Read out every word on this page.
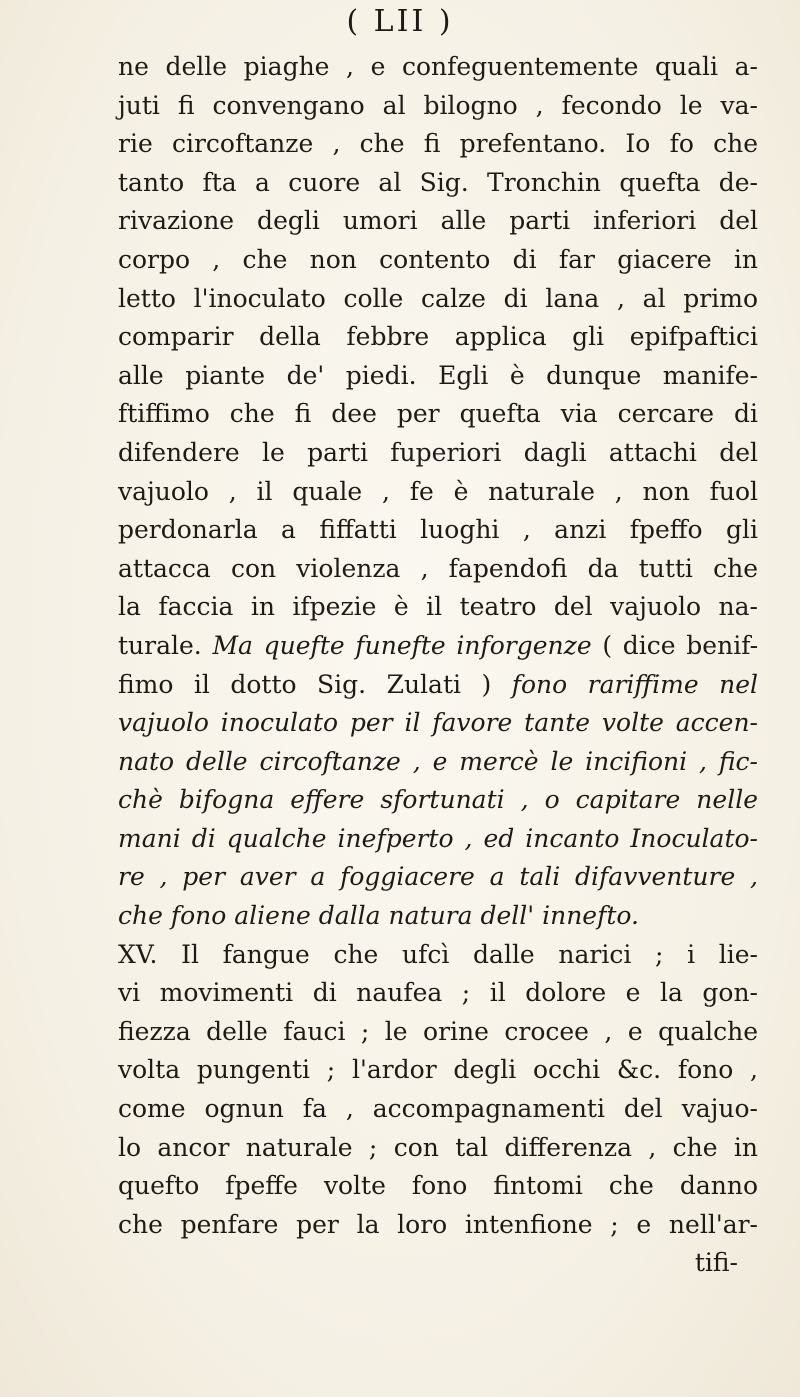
( LII )
ne delle piaghe , e confeguentemente quali a-
juti fi convengano al bilogno , fecondo le va-
rie circoftanze , che fi prefentano. Io fo che
tanto fta a cuore al Sig. Tronchin quefta de-
rivazione degli umori alle parti inferiori del
corpo , che non contento di far giacere in
letto l'inoculato colle calze di lana , al primo
comparir della febbre applica gli epifpaftici
alle piante de' piedi. Egli è dunque manife-
ftiffimo che fi dee per quefta via cercare di
difendere le parti fuperiori dagli attachi del
vajuolo , il quale , fe è naturale , non fuol
perdonarla a fiffatti luoghi , anzi fpeffo gli
attacca con violenza , fapendofi da tutti che
la faccia in ifpezie è il teatro del vajuolo na-
turale. Ma quefte funefte inforgenze ( dice benif-
fimo il dotto Sig. Zulati ) fono rariffime nel
vajuolo inoculato per il favore tante volte accen-
nato delle circoftanze , e mercè le incifioni , fic-
chè bifogna effere sfortunati , o capitare nelle
mani di qualche inefperto , ed incanto Inoculato-
re , per aver a foggiacere a tali difavventure ,
che fono aliene dalla natura dell' innefto.
XV. Il fangue che ufcì dalle narici ; i lie-
vi movimenti di naufea ; il dolore e la gon-
fiezza delle fauci ; le orine crocee , e qualche
volta pungenti ; l'ardor degli occhi &c. fono ,
come ognun fa , accompagnamenti del vajuo-
lo ancor naturale ; con tal differenza , che in
quefto fpeffe volte fono fintomi che danno
che penfare per la loro intenfione ; e nell'ar-
tifi-
